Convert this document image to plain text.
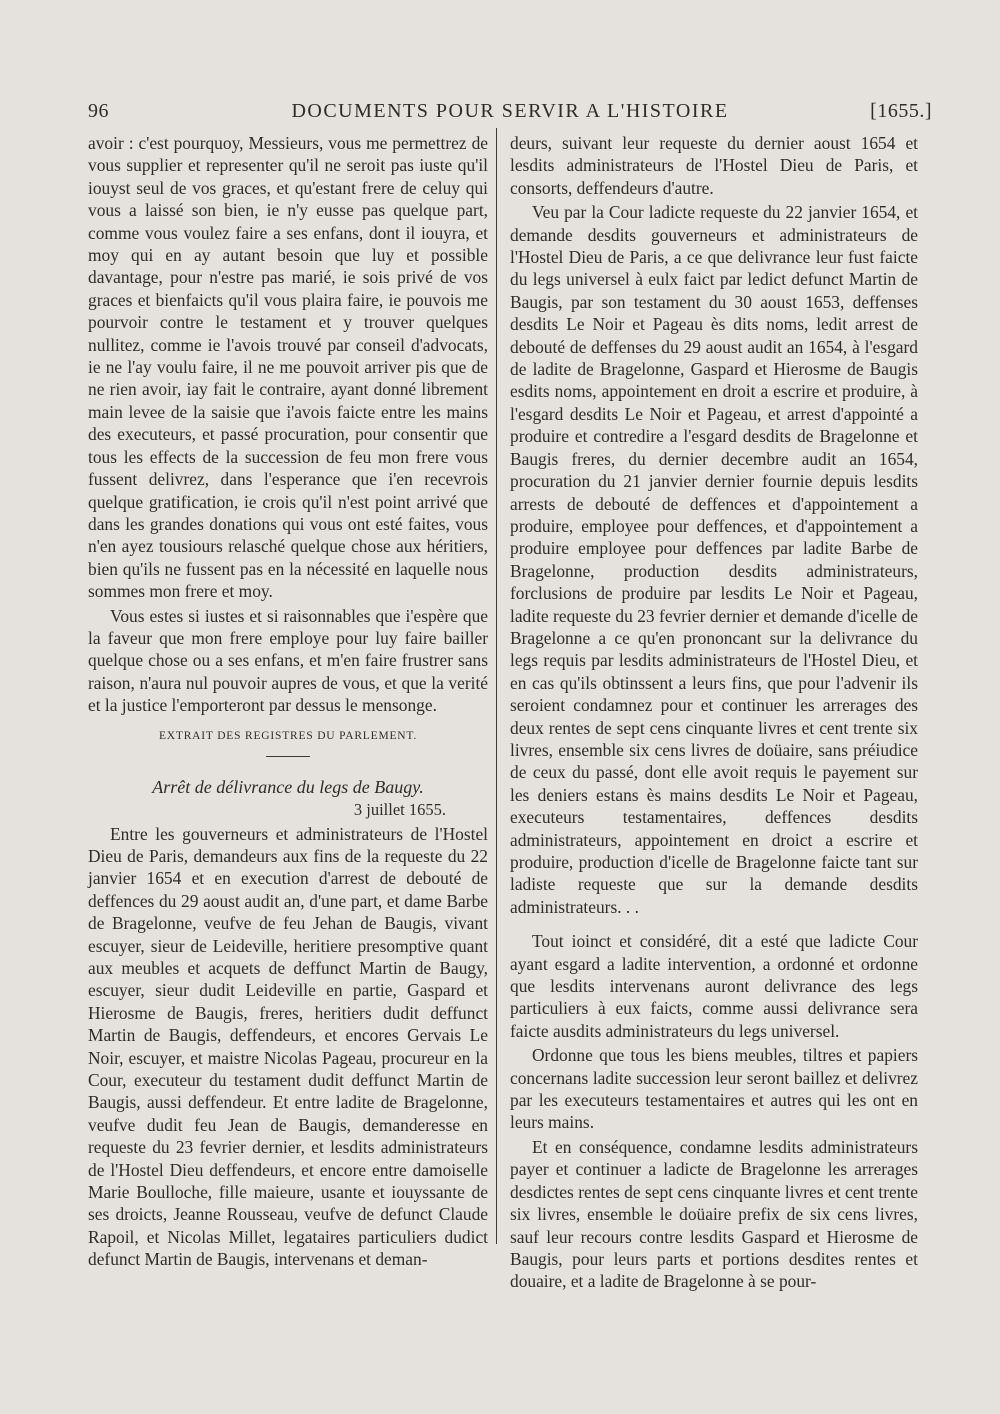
96	DOCUMENTS POUR SERVIR A L'HISTOIRE	[1655.]

avoir : c'est pourquoy, Messieurs, vous me permettrez de vous supplier et representer qu'il ne seroit pas iuste qu'il iouyst seul de vos graces, et qu'estant frere de celuy qui vous a laissé son bien, ie n'y eusse pas quelque part, comme vous voulez faire a ses enfans, dont il iouyra, et moy qui en ay autant besoin que luy et possible davantage, pour n'estre pas marié, ie sois privé de vos graces et bienfaicts qu'il vous plaira faire, ie pouvois me pourvoir contre le testament et y trouver quelques nullitez, comme ie l'avois trouvé par conseil d'advocats, ie ne l'ay voulu faire, il ne me pouvoit arriver pis que de ne rien avoir, iay fait le contraire, ayant donné librement main levee de la saisie que i'avois faicte entre les mains des executeurs, et passé procuration, pour consentir que tous les effects de la succession de feu mon frere vous fussent delivrez, dans l'esperance que i'en recevrois quelque gratification, ie crois qu'il n'est point arrivé que dans les grandes donations qui vous ont esté faites, vous n'en ayez tousiours relasché quelque chose aux héritiers, bien qu'ils ne fussent pas en la nécessité en laquelle nous sommes mon frere et moy.

Vous estes si iustes et si raisonnables que i'espère que la faveur que mon frere employe pour luy faire bailler quelque chose ou a ses enfans, et m'en faire frustrer sans raison, n'aura nul pouvoir aupres de vous, et que la verité et la justice l'emporteront par dessus le mensonge.

EXTRAIT DES REGISTRES DU PARLEMENT.
Arrêt de délivrance du legs de Baugy.
3 juillet 1655.

Entre les gouverneurs et administrateurs de l'Hostel Dieu de Paris, demandeurs aux fins de la requeste du 22 janvier 1654 et en execution d'arrest de debouté de deffences du 29 aoust audit an, d'une part, et dame Barbe de Bragelonne, veufve de feu Jehan de Baugis, vivant escuyer, sieur de Leideville, heritiere presomptive quant aux meubles et acquets de deffunct Martin de Baugy, escuyer, sieur dudit Leideville en partie, Gaspard et Hierosme de Baugis, freres, heritiers dudit deffunct Martin de Baugis, deffendeurs, et encores Gervais Le Noir, escuyer, et maistre Nicolas Pageau, procureur en la Cour, executeur du testament dudit deffunct Martin de Baugis, aussi deffendeur. Et entre ladite de Bragelonne, veufve dudit feu Jean de Baugis, demanderesse en requeste du 23 fevrier dernier, et lesdits administrateurs de l'Hostel Dieu deffendeurs, et encore entre damoiselle Marie Boulloche, fille maieure, usante et iouyssante de ses droicts, Jeanne Rousseau, veufve de defunct Claude Rapoil, et Nicolas Millet, legataires particuliers dudict defunct Martin de Baugis, intervenans et deman-

deurs, suivant leur requeste du dernier aoust 1654 et lesdits administrateurs de l'Hostel Dieu de Paris, et consorts, deffendeurs d'autre.

Veu par la Cour ladicte requeste du 22 janvier 1654, et demande desdits gouverneurs et administrateurs de l'Hostel Dieu de Paris, a ce que delivrance leur fust faicte du legs universel à eulx faict par ledict defunct Martin de Baugis, par son testament du 30 aoust 1653, deffenses desdits Le Noir et Pageau ès dits noms, ledit arrest de debouté de deffenses du 29 aoust audit an 1654, à l'esgard de ladite de Bragelonne, Gaspard et Hierosme de Baugis esdits noms, appointement en droit a escrire et produire, à l'esgard desdits Le Noir et Pageau, et arrest d'appointé a produire et contredire a l'esgard desdits de Bragelonne et Baugis freres, du dernier decembre audit an 1654, procuration du 21 janvier dernier fournie depuis lesdits arrests de debouté de deffences et d'appointement a produire, employee pour deffences, et d'appointement a produire employee pour deffences par ladite Barbe de Bragelonne, production desdits administrateurs, forclusions de produire par lesdits Le Noir et Pageau, ladite requeste du 23 fevrier dernier et demande d'icelle de Bragelonne a ce qu'en prononcant sur la delivrance du legs requis par lesdits administrateurs de l'Hostel Dieu, et en cas qu'ils obtinssent a leurs fins, que pour l'advenir ils seroient condamnez pour et continuer les arrerages des deux rentes de sept cens cinquante livres et cent trente six livres, ensemble six cens livres de doüaire, sans préiudice de ceux du passé, dont elle avoit requis le payement sur les deniers estans ès mains desdits Le Noir et Pageau, executeurs testamentaires, deffences desdits administrateurs, appointement en droict a escrire et produire, production d'icelle de Bragelonne faicte tant sur ladiste requeste que sur la demande desdits administrateurs. . .

Tout ioinct et considéré, dit a esté que ladicte Cour ayant esgard a ladite intervention, a ordonné et ordonne que lesdits intervenans auront delivrance des legs particuliers à eux faicts, comme aussi delivrance sera faicte ausdits administrateurs du legs universel.

Ordonne que tous les biens meubles, tiltres et papiers concernans ladite succession leur seront baillez et delivrez par les executeurs testamentaires et autres qui les ont en leurs mains.

Et en conséquence, condamne lesdits administrateurs payer et continuer a ladicte de Bragelonne les arrerages desdictes rentes de sept cens cinquante livres et cent trente six livres, ensemble le doüaire prefix de six cens livres, sauf leur recours contre lesdits Gaspard et Hierosme de Baugis, pour leurs parts et portions desdites rentes et douaire, et a ladite de Bragelonne à se pour-
